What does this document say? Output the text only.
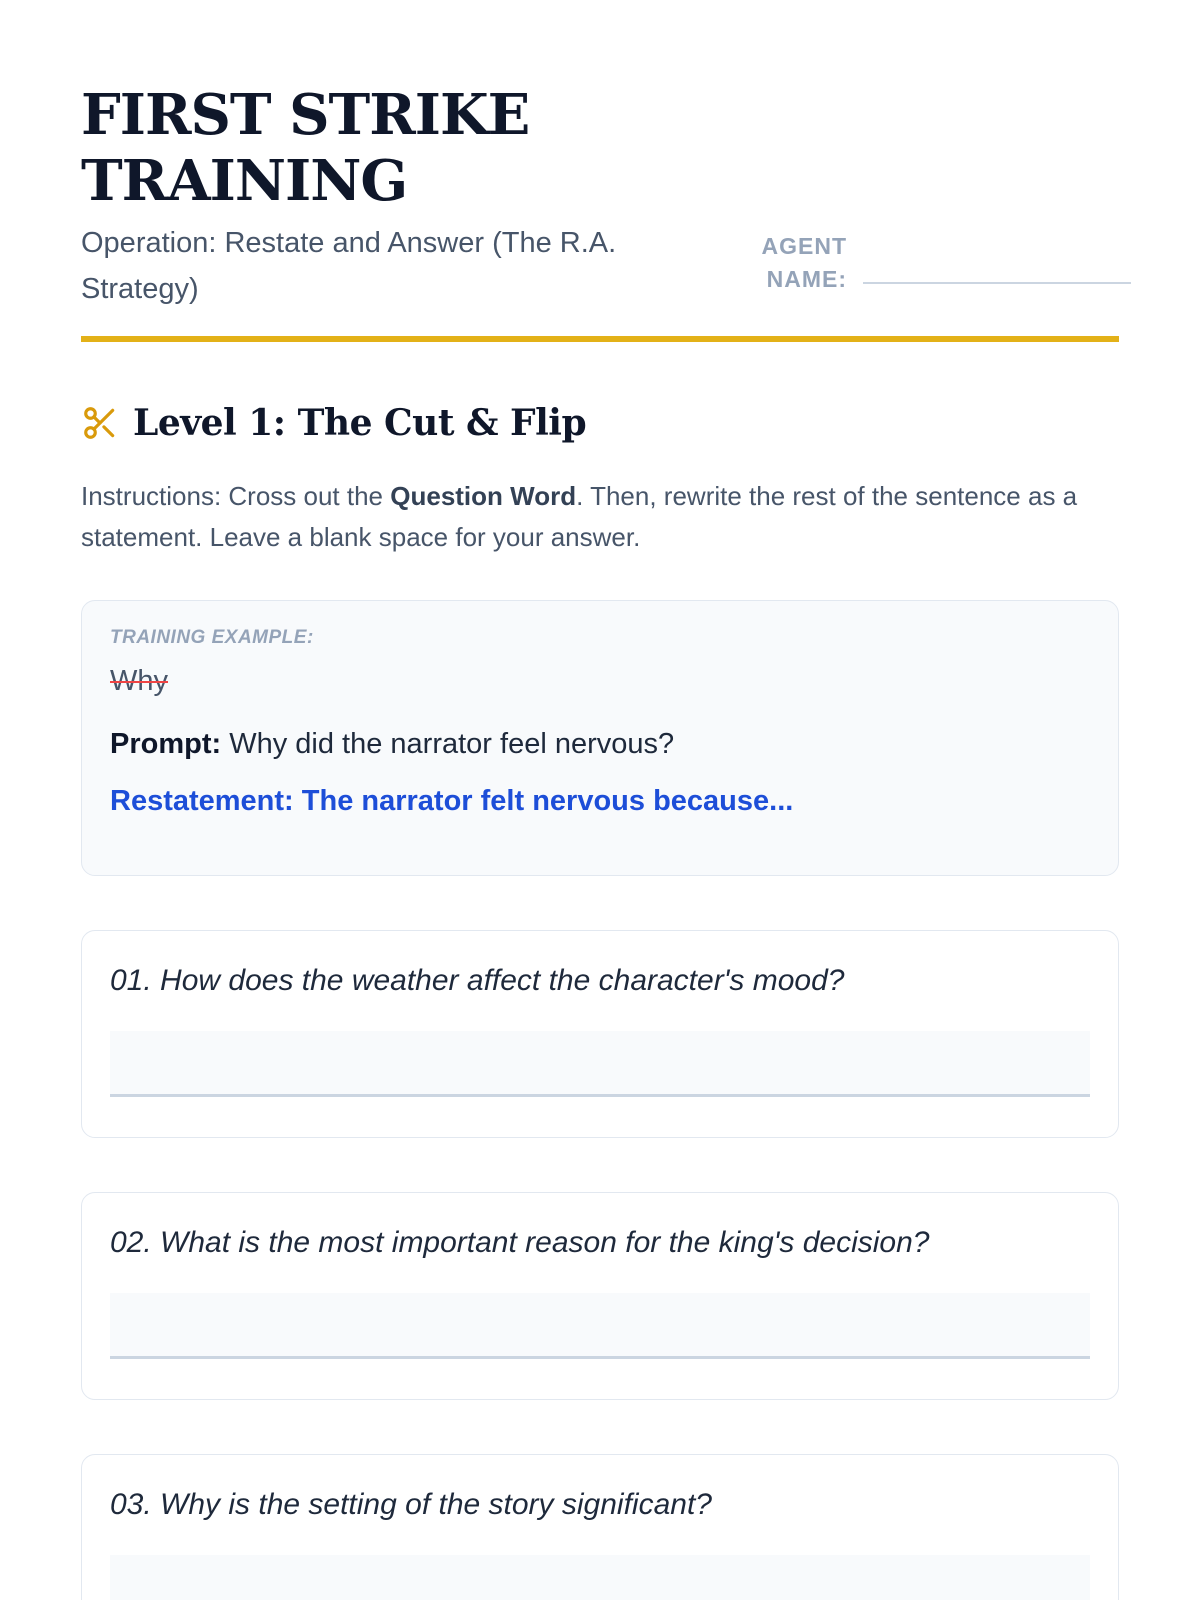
FIRST STRIKE TRAINING
Operation: Restate and Answer (The R.A. Strategy)
AGENT NAME:
Level 1: The Cut & Flip

Instructions: Cross out the Question Word. Then, rewrite the rest of the sentence as a statement. Leave a blank space for your answer.

TRAINING EXAMPLE:
Why
Prompt: Why did the narrator feel nervous?
Restatement: The narrator felt nervous because...
01. How does the weather affect the character's mood?
02. What is the most important reason for the king's decision?
03. Why is the setting of the story significant?
